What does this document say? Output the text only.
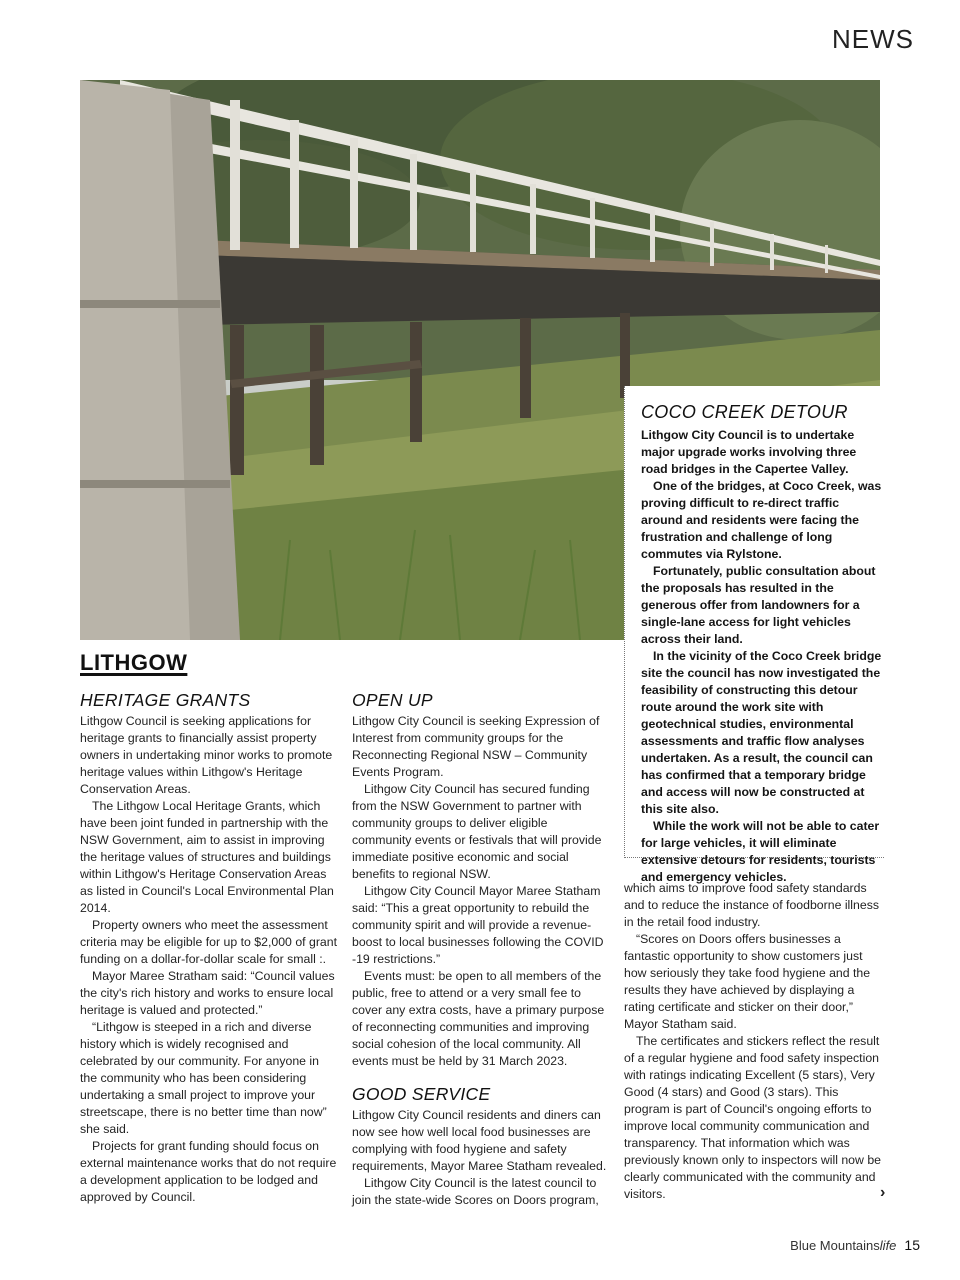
NEWS
COCO CREEK DETOUR

Lithgow City Council is to undertake major upgrade works involving three road bridges in the Capertee Valley.

One of the bridges, at Coco Creek, was proving difficult to re-direct traffic around and residents were facing the frustration and challenge of long commutes via Rylstone.

Fortunately, public consultation about the proposals has resulted in the generous offer from landowners for a single-lane access for light vehicles across their land.

In the vicinity of the Coco Creek bridge site the council has now investigated the feasibility of constructing this detour route around the work site with geotechnical studies, environmental assessments and traffic flow analyses undertaken. As a result, the council can has confirmed that a temporary bridge and access will now be constructed at this site also.

While the work will not be able to cater for large vehicles, it will eliminate extensive detours for residents, tourists and emergency vehicles.

LITHGOW
HERITAGE GRANTS

Lithgow Council is seeking applications for heritage grants to financially assist property owners in undertaking minor works to promote heritage values within Lithgow's Heritage Conservation Areas.

The Lithgow Local Heritage Grants, which have been joint funded in partnership with the NSW Government, aim to assist in improving the heritage values of structures and buildings within Lithgow's Heritage Conservation Areas as listed in Council's Local Environmental Plan 2014.

Property owners who meet the assessment criteria may be eligible for up to $2,000 of grant funding on a dollar-for-dollar scale for small :.

Mayor Maree Stratham said: “Council values the city's rich history and works to ensure local heritage is valued and protected.”

“Lithgow is steeped in a rich and diverse history which is widely recognised and celebrated by our community. For anyone in the community who has been considering undertaking a small project to improve your streetscape, there is no better time than now” she said.

Projects for grant funding should focus on external maintenance works that do not require a development application to be lodged and approved by Council.

OPEN UP

Lithgow City Council is seeking Expression of Interest from community groups for the Reconnecting Regional NSW – Community Events Program.

Lithgow City Council has secured funding from the NSW Government to partner with community groups to deliver eligible community events or festivals that will provide immediate positive economic and social benefits to regional NSW.

Lithgow City Council Mayor Maree Statham said: “This a great opportunity to rebuild the community spirit and will provide a revenue-boost to local businesses following the COVID -19 restrictions.”

Events must: be open to all members of the public, free to attend or a very small fee to cover any extra costs, have a primary purpose of reconnecting communities and improving social cohesion of the local community. All events must be held by 31 March 2023.

GOOD SERVICE

Lithgow City Council residents and diners can now see how well local food businesses are complying with food hygiene and safety requirements, Mayor Maree Statham revealed.

Lithgow City Council is the latest council to join the state-wide Scores on Doors program,

which aims to improve food safety standards and to reduce the instance of foodborne illness in the retail food industry.

“Scores on Doors offers businesses a fantastic opportunity to show customers just how seriously they take food hygiene and the results they have achieved by displaying a rating certificate and sticker on their door,” Mayor Statham said.

The certificates and stickers reflect the result of a regular hygiene and food safety inspection with ratings indicating Excellent (5 stars), Very Good (4 stars) and Good (3 stars). This program is part of Council's ongoing efforts to improve local community communication and transparency. That information which was previously known only to inspectors will now be clearly communicated with the community and visitors.	›
Blue Mountainslife 15
